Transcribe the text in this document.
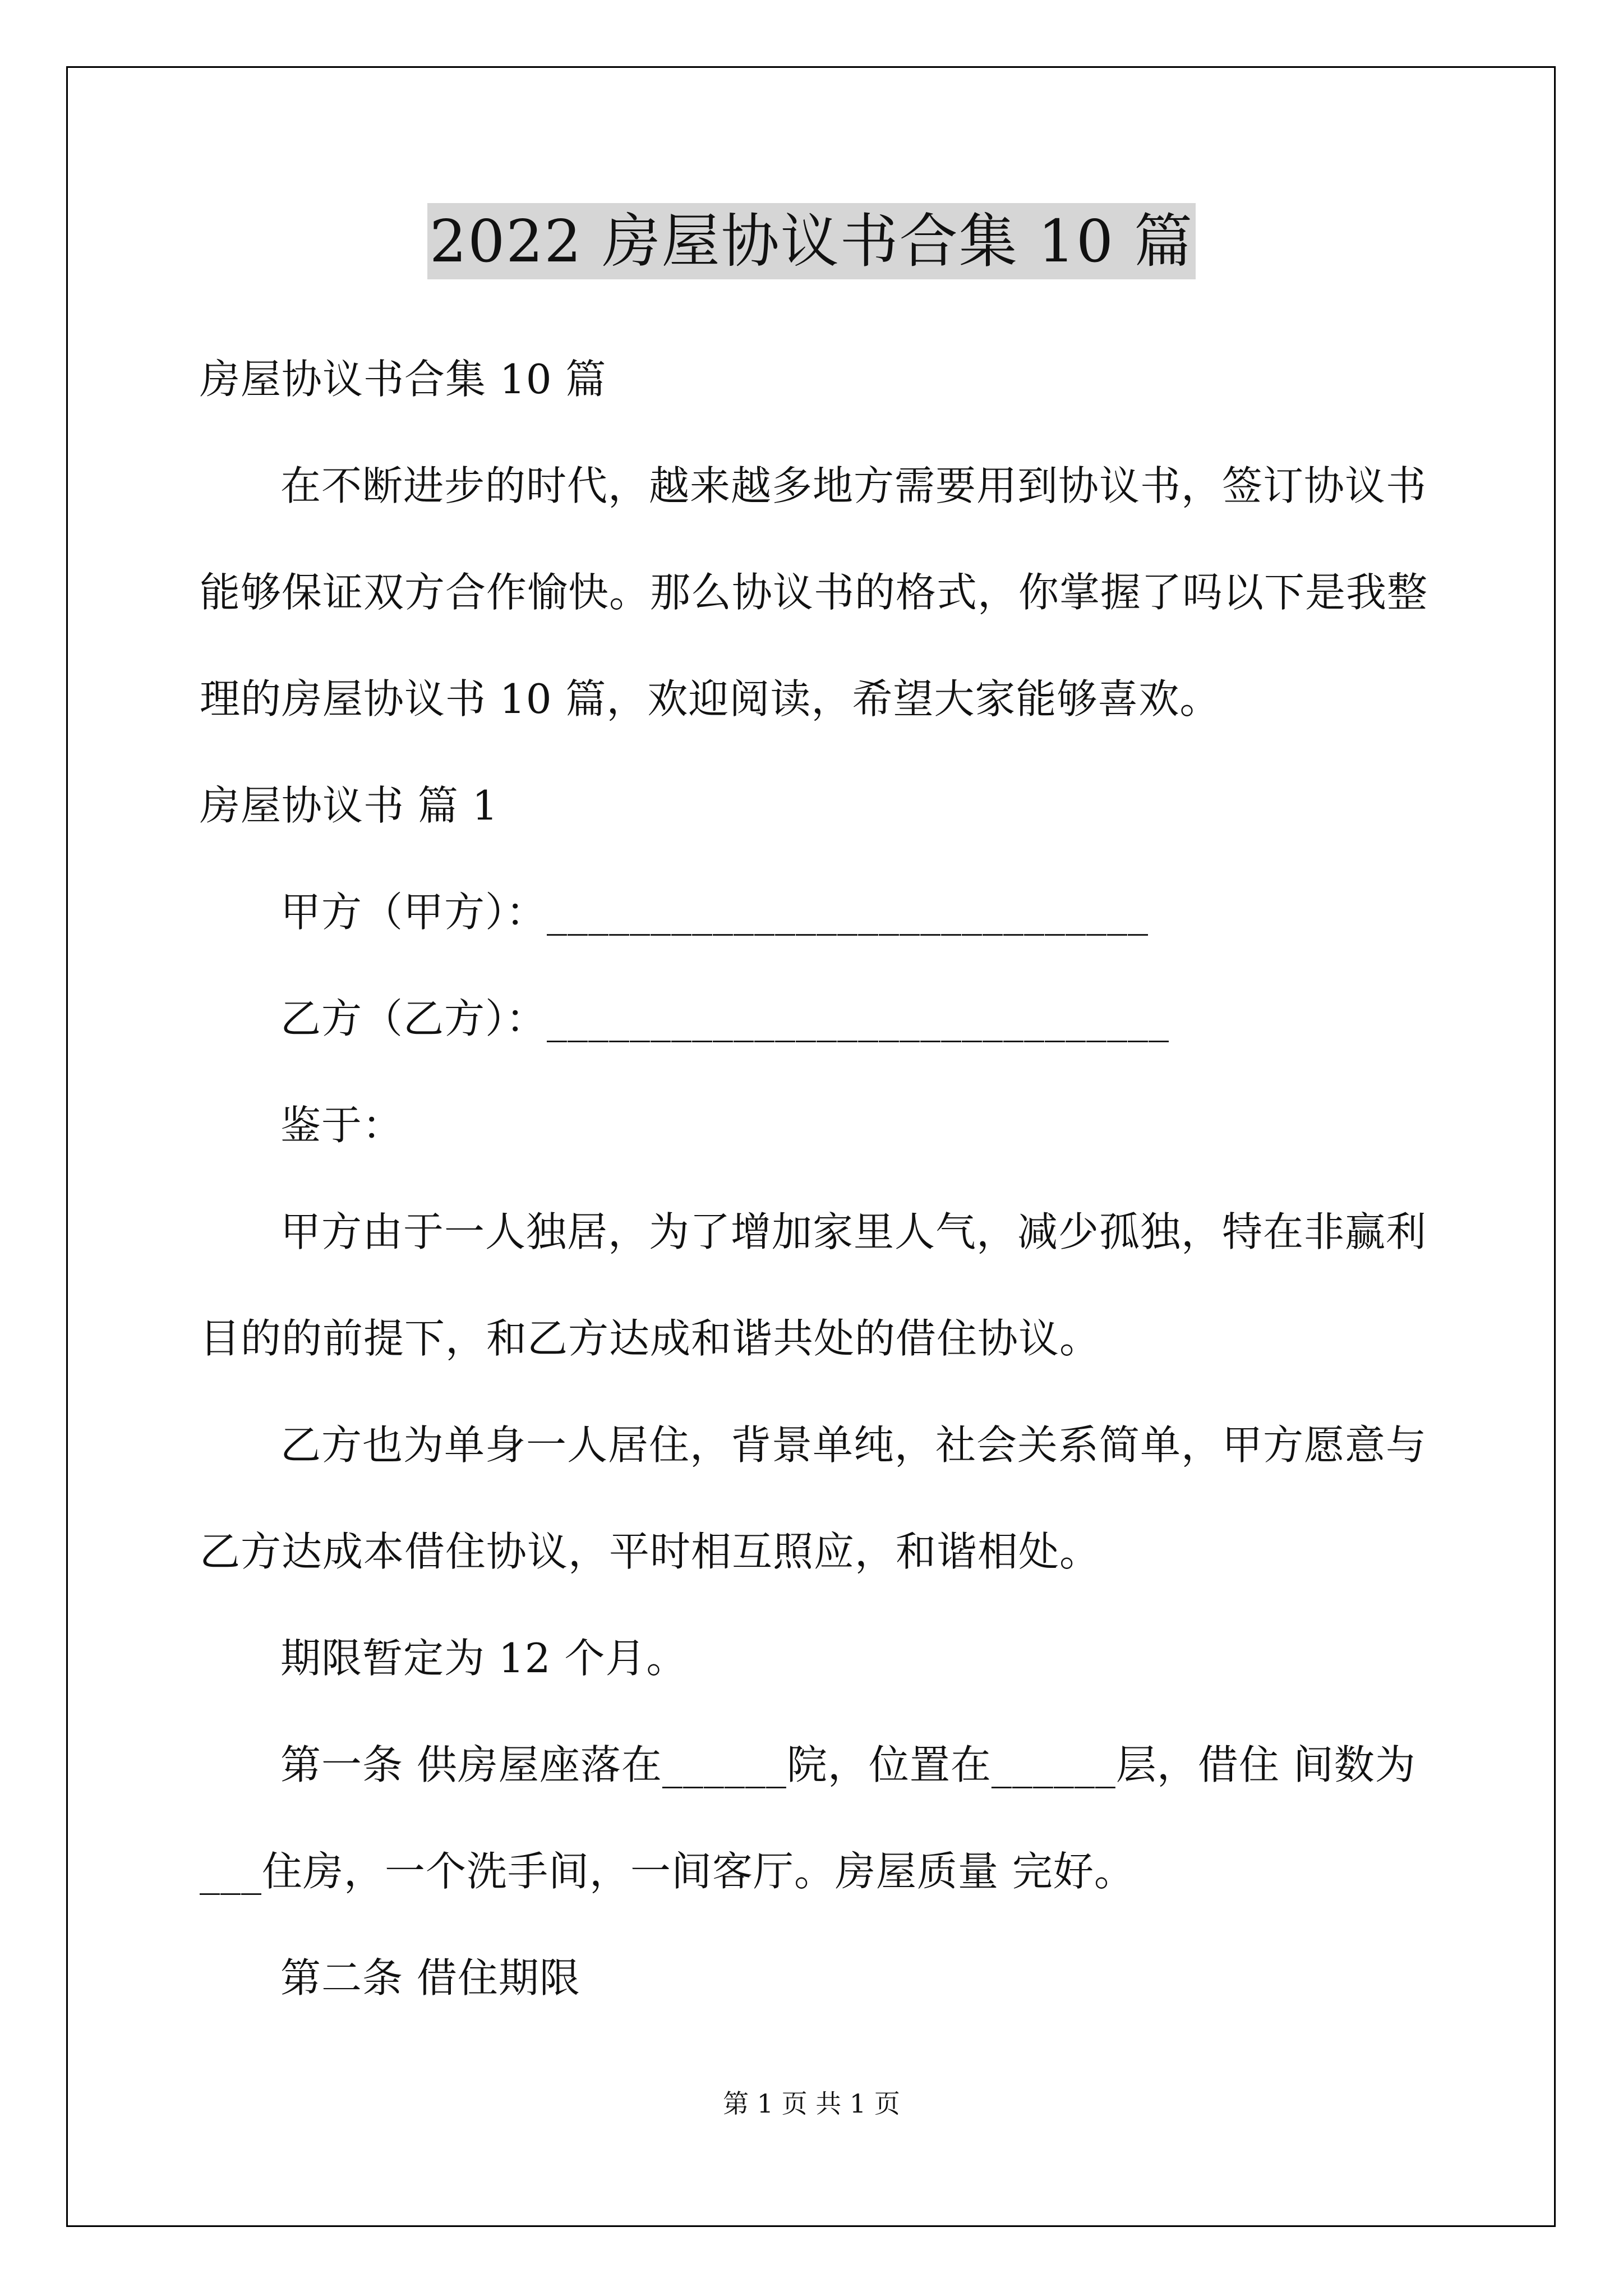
2022 房屋协议书合集 10 篇
房屋协议书合集 10 篇
在不断进步的时代，越来越多地方需要用到协议书，签订协议书
能够保证双方合作愉快。那么协议书的格式，你掌握了吗以下是我整
理的房屋协议书 10 篇，欢迎阅读，希望大家能够喜欢。
房屋协议书 篇 1
甲方（甲方）：_____________________________
乙方（乙方）：______________________________
鉴于：
甲方由于一人独居，为了增加家里人气，减少孤独，特在非赢利
目的的前提下，和乙方达成和谐共处的借住协议。
乙方也为单身一人居住，背景单纯，社会关系简单，甲方愿意与
乙方达成本借住协议，平时相互照应，和谐相处。
期限暂定为 12 个月。
第一条 供房屋座落在______院，位置在______层，借住 间数为
___住房，一个洗手间，一间客厅。房屋质量 完好。
第二条 借住期限
第 1 页 共 1 页
